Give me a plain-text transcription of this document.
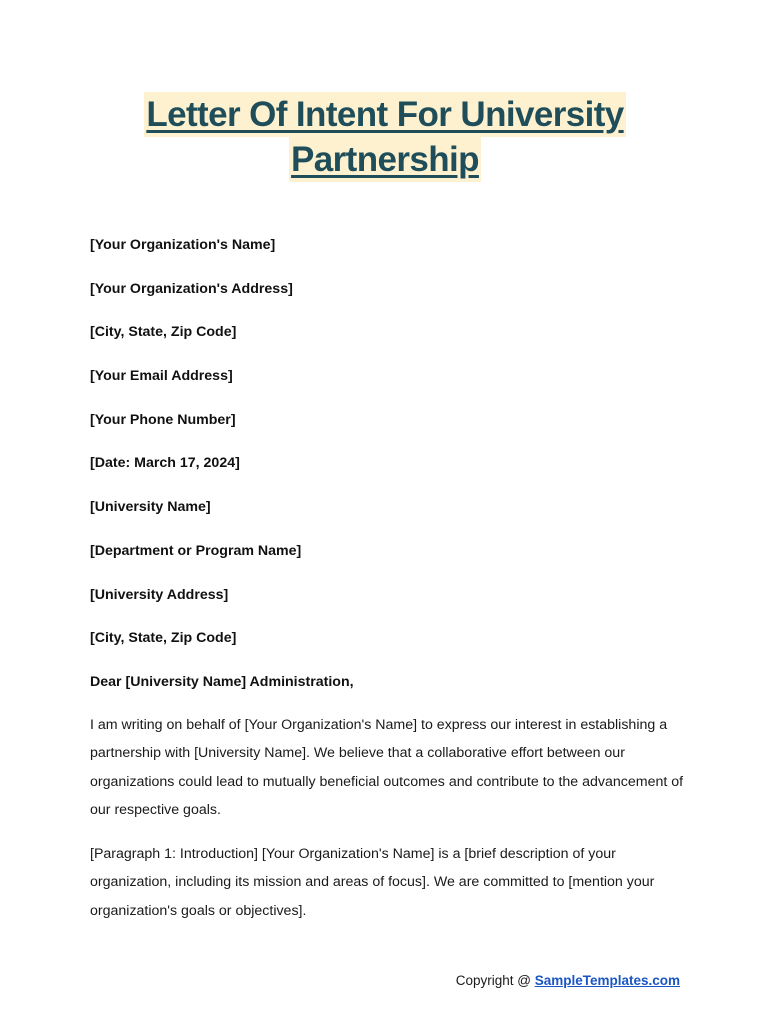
Letter Of Intent For University
Partnership

[Your Organization's Name]

[Your Organization's Address]

[City, State, Zip Code]

[Your Email Address]

[Your Phone Number]

[Date: March 17, 2024]

[University Name]

[Department or Program Name]

[University Address]

[City, State, Zip Code]

Dear [University Name] Administration,

I am writing on behalf of [Your Organization's Name] to express our interest in establishing a partnership with [University Name]. We believe that a collaborative effort between our organizations could lead to mutually beneficial outcomes and contribute to the advancement of our respective goals.

[Paragraph 1: Introduction] [Your Organization's Name] is a [brief description of your organization, including its mission and areas of focus]. We are committed to [mention your organization's goals or objectives].

Copyright @ SampleTemplates.com
